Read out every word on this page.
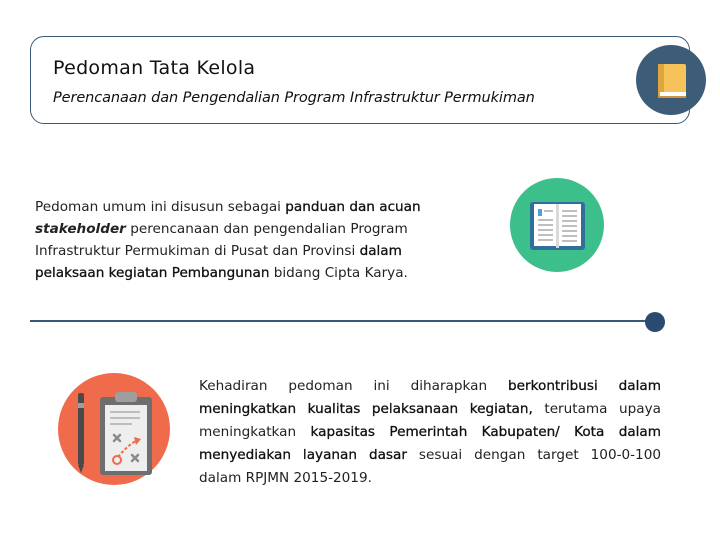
Pedoman Tata Kelola
Perencanaan dan Pengendalian Program Infrastruktur Permukiman
Pedoman umum ini disusun sebagai panduan dan acuan stakeholder perencanaan dan pengendalian Program Infrastruktur Permukiman di Pusat dan Provinsi dalam pelaksaan kegiatan Pembangunan bidang Cipta Karya.
Kehadiran pedoman ini diharapkan berkontribusi dalam meningkatkan kualitas pelaksanaan kegiatan, terutama upaya meningkatkan kapasitas Pemerintah Kabupaten/ Kota dalam menyediakan layanan dasar sesuai dengan target 100-0-100 dalam RPJMN 2015-2019.
